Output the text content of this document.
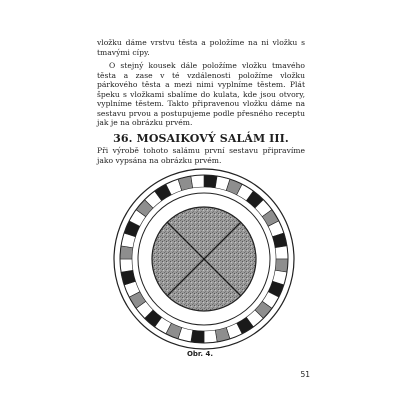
vložku dáme vrstvu těsta a položíme na ni vložku s tmavými cípy.

O stejný kousek dále položíme vložku tmavého těsta a zase v té vzdálenosti položíme vložku párkového těsta a mezi nimi vyplníme těstem. Plát špeku s vložkami sbalíme do kulata, kde jsou otvory, vyplníme těstem. Takto připravenou vložku dáme na sestavu prvou a postupujeme podle přesného receptu jak je na obrázku prvém.

36. MOSAIKOVÝ SALÁM III.

Při výrobě tohoto salámu první sestavu připravíme jako vypsána na obrázku prvém.

Obr. 4.
51
